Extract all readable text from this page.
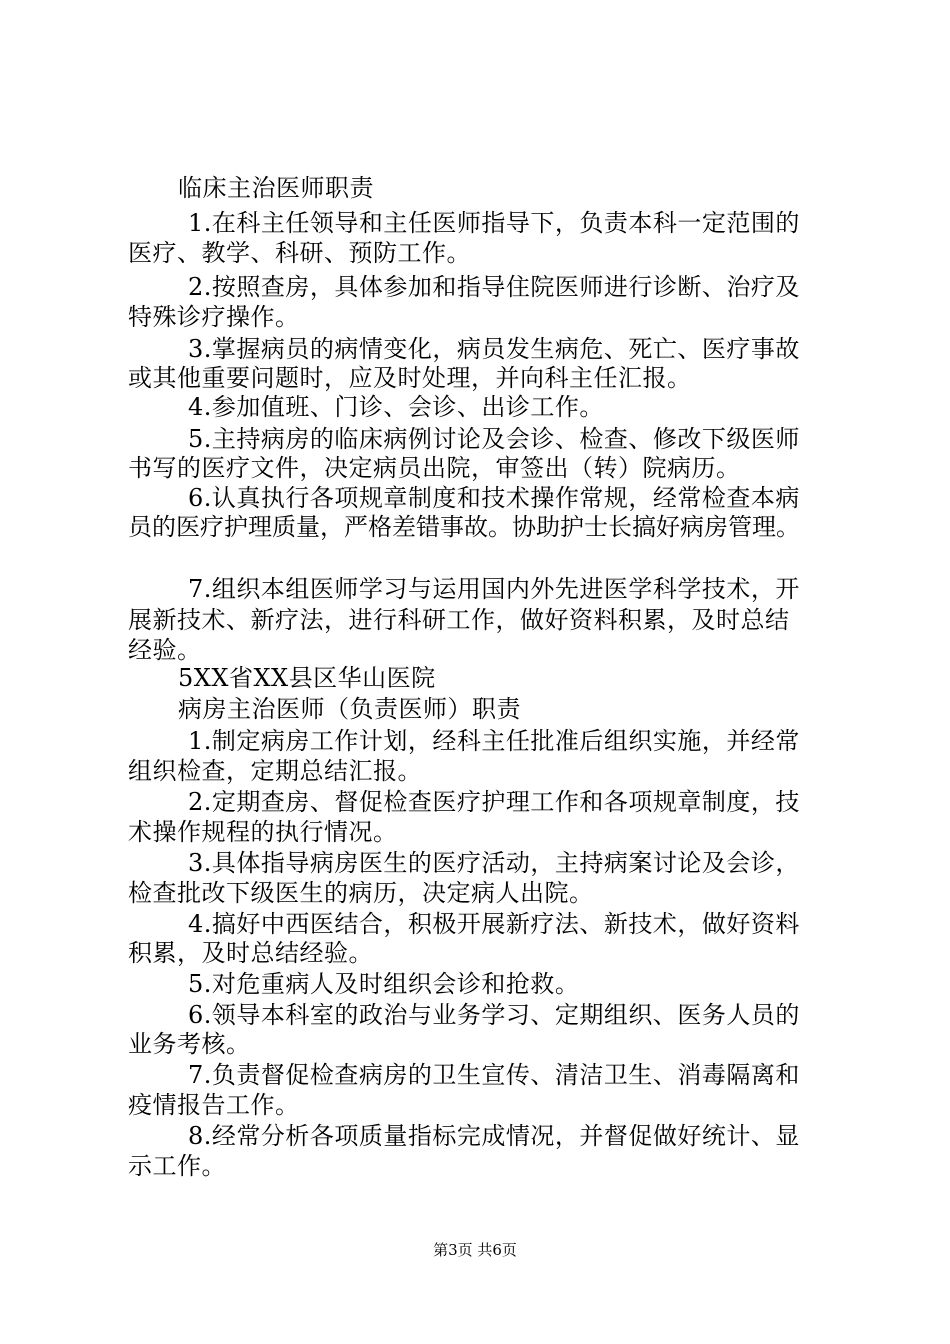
临床主治医师职责
1.在科主任领导和主任医师指导下，负责本科一定范围的
医疗、教学、科研、预防工作。
2.按照查房，具体参加和指导住院医师进行诊断、治疗及
特殊诊疗操作。
3.掌握病员的病情变化，病员发生病危、死亡、医疗事故
或其他重要问题时，应及时处理，并向科主任汇报。
4.参加值班、门诊、会诊、出诊工作。
5.主持病房的临床病例讨论及会诊、检查、修改下级医师
书写的医疗文件，决定病员出院，审签出（转）院病历。
6.认真执行各项规章制度和技术操作常规，经常检查本病
员的医疗护理质量，严格差错事故。协助护士长搞好病房管理。
7.组织本组医师学习与运用国内外先进医学科学技术，开
展新技术、新疗法，进行科研工作，做好资料积累，及时总结
经验。
5XX省XX县区华山医院
病房主治医师（负责医师）职责
1.制定病房工作计划，经科主任批准后组织实施，并经常
组织检查，定期总结汇报。
2.定期查房、督促检查医疗护理工作和各项规章制度，技
术操作规程的执行情况。
3.具体指导病房医生的医疗活动，主持病案讨论及会诊，
检查批改下级医生的病历，决定病人出院。
4.搞好中西医结合，积极开展新疗法、新技术，做好资料
积累，及时总结经验。
5.对危重病人及时组织会诊和抢救。
6.领导本科室的政治与业务学习、定期组织、医务人员的
业务考核。
7.负责督促检查病房的卫生宣传、清洁卫生、消毒隔离和
疫情报告工作。
8.经常分析各项质量指标完成情况，并督促做好统计、显
示工作。
第3页 共6页
